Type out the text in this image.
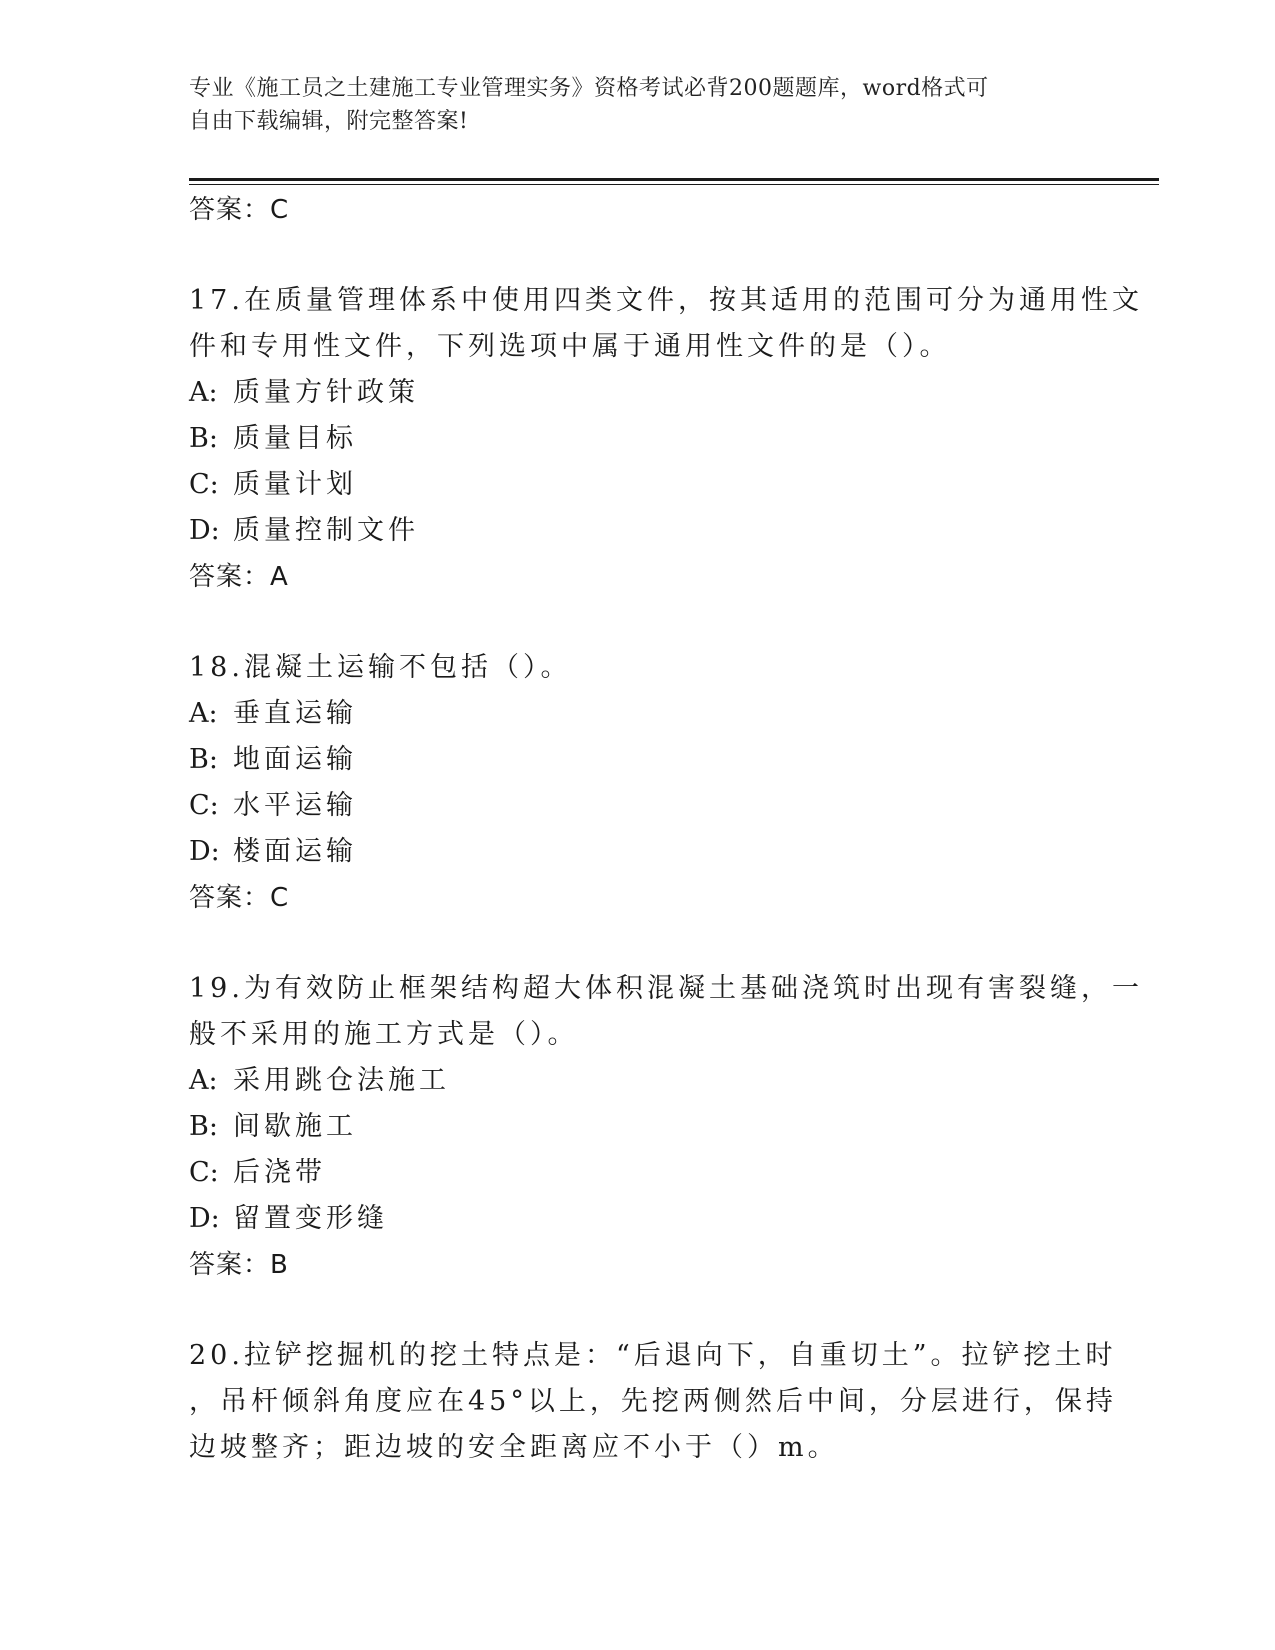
专业《施工员之土建施工专业管理实务》资格考试必背200题题库，word格式可
自由下载编辑，附完整答案!
答案：C
17.在质量管理体系中使用四类文件，按其适用的范围可分为通用性文
件和专用性文件，下列选项中属于通用性文件的是（）。
A: 质量方针政策
B: 质量目标
C: 质量计划
D: 质量控制文件
答案：A
18.混凝土运输不包括（）。
A: 垂直运输
B: 地面运输
C: 水平运输
D: 楼面运输
答案：C
19.为有效防止框架结构超大体积混凝土基础浇筑时出现有害裂缝，一
般不采用的施工方式是（）。
A: 采用跳仓法施工
B: 间歇施工
C: 后浇带
D: 留置变形缝
答案：B
20.拉铲挖掘机的挖土特点是：“后退向下，自重切土”。拉铲挖土时
，吊杆倾斜角度应在45°以上，先挖两侧然后中间，分层进行，保持
边坡整齐；距边坡的安全距离应不小于（）m。
